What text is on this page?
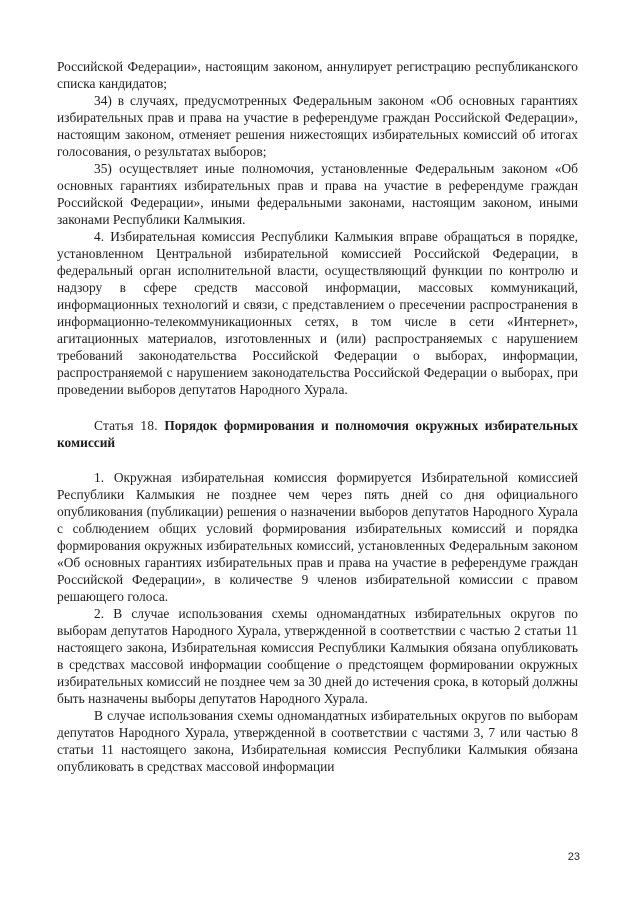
Российской Федерации», настоящим законом, аннулирует регистрацию республиканского списка кандидатов;

34) в случаях, предусмотренных Федеральным законом «Об основных гарантиях избирательных прав и права на участие в референдуме граждан Российской Федерации», настоящим законом, отменяет решения нижестоящих избирательных комиссий об итогах голосования, о результатах выборов;

35) осуществляет иные полномочия, установленные Федеральным законом «Об основных гарантиях избирательных прав и права на участие в референдуме граждан Российской Федерации», иными федеральными законами, настоящим законом, иными законами Республики Калмыкия.

4. Избирательная комиссия Республики Калмыкия вправе обращаться в порядке, установленном Центральной избирательной комиссией Российской Федерации, в федеральный орган исполнительной власти, осуществляющий функции по контролю и надзору в сфере средств массовой информации, массовых коммуникаций, информационных технологий и связи, с представлением о пресечении распространения в информационно-телекоммуникационных сетях, в том числе в сети «Интернет», агитационных материалов, изготовленных и (или) распространяемых с нарушением требований законодательства Российской Федерации о выборах, информации, распространяемой с нарушением законодательства Российской Федерации о выборах, при проведении выборов депутатов Народного Хурала.

Статья 18. Порядок формирования и полномочия окружных избирательных комиссий

1. Окружная избирательная комиссия формируется Избирательной комиссией Республики Калмыкия не позднее чем через пять дней со дня официального опубликования (публикации) решения о назначении выборов депутатов Народного Хурала с соблюдением общих условий формирования избирательных комиссий и порядка формирования окружных избирательных комиссий, установленных Федеральным законом «Об основных гарантиях избирательных прав и права на участие в референдуме граждан Российской Федерации», в количестве 9 членов избирательной комиссии с правом решающего голоса.

2. В случае использования схемы одномандатных избирательных округов по выборам депутатов Народного Хурала, утвержденной в соответствии с частью 2 статьи 11 настоящего закона, Избирательная комиссия Республики Калмыкия обязана опубликовать в средствах массовой информации сообщение о предстоящем формировании окружных избирательных комиссий не позднее чем за 30 дней до истечения срока, в который должны быть назначены выборы депутатов Народного Хурала.

В случае использования схемы одномандатных избирательных округов по выборам депутатов Народного Хурала, утвержденной в соответствии с частями 3, 7 или частью 8 статьи 11 настоящего закона, Избирательная комиссия Республики Калмыкия обязана опубликовать в средствах массовой информации

23
